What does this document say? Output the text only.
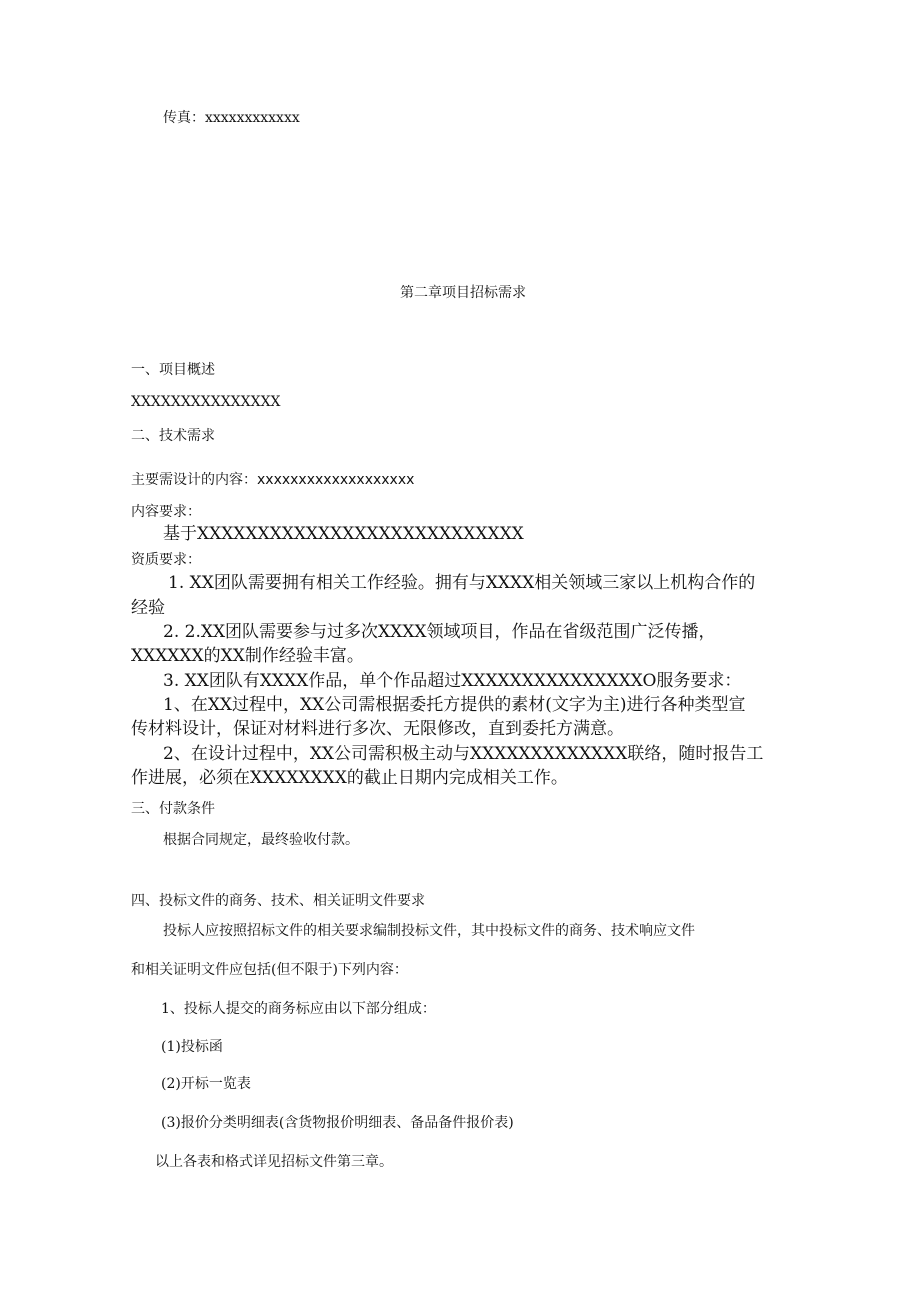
传真：xxxxxxxxxxxx
第二章项目招标需求
一、项目概述
XXXXXXXXXXXXXXX
二、技术需求
主要需设计的内容：xxxxxxxxxxxxxxxxxxx
内容要求：
基于XXXXXXXXXXXXXXXXXXXXXXXXXXX
资质要求：
1. XX团队需要拥有相关工作经验。拥有与XXXX相关领域三家以上机构合作的
经验
2. 2.XX团队需要参与过多次XXXX领域项目，作品在省级范围广泛传播，
XXXXXX的XX制作经验丰富。
3. XX团队有XXXX作品，单个作品超过XXXXXXXXXXXXXXXO服务要求：
1、在XX过程中，XX公司需根据委托方提供的素材(文字为主)进行各种类型宣
传材料设计，保证对材料进行多次、无限修改，直到委托方满意。
2、在设计过程中，XX公司需积极主动与XXXXXXXXXXXXX联络，随时报告工
作进展，必须在XXXXXXXX的截止日期内完成相关工作。
三、付款条件
根据合同规定，最终验收付款。
四、投标文件的商务、技术、相关证明文件要求
投标人应按照招标文件的相关要求编制投标文件，其中投标文件的商务、技术响应文件
和相关证明文件应包括(但不限于)下列内容：
1、投标人提交的商务标应由以下部分组成：
(1)投标函
(2)开标一览表
(3)报价分类明细表(含货物报价明细表、备品备件报价表)
以上各表和格式详见招标文件第三章。
